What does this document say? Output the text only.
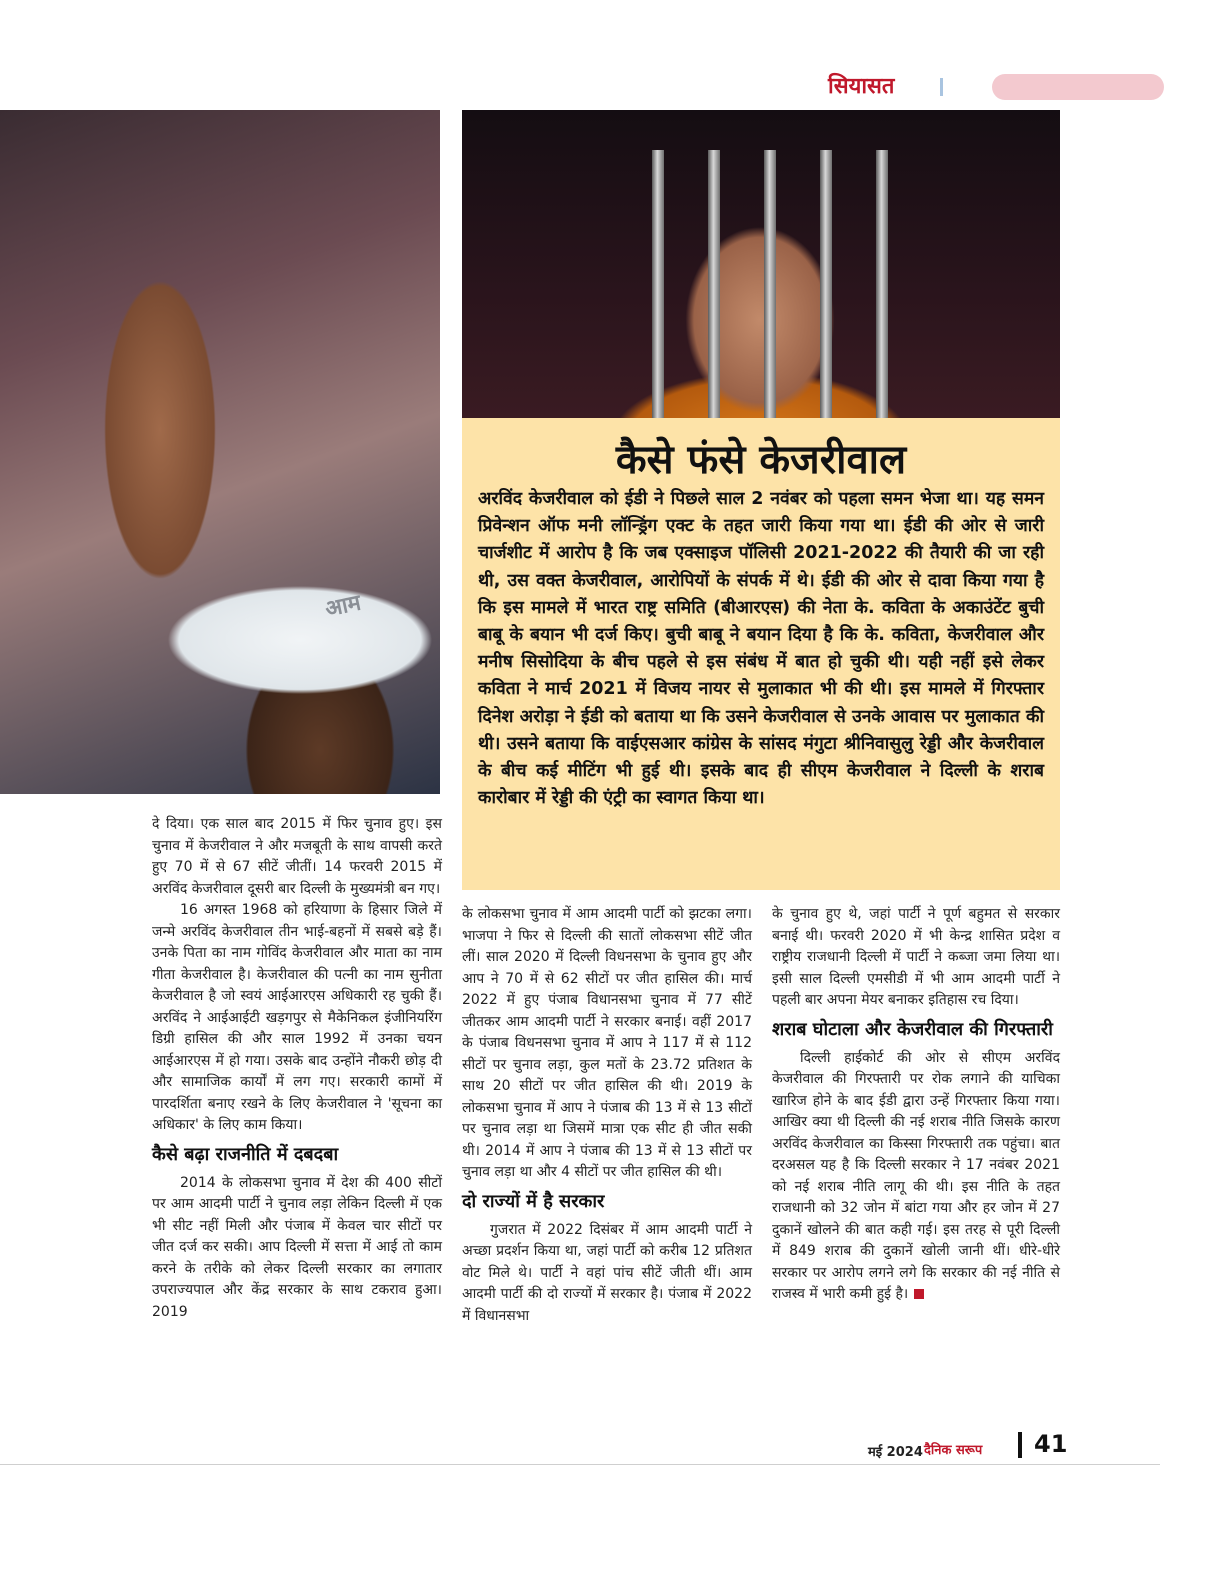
सियासत
आम
कैसे फंसे केजरीवाल
अरविंद केजरीवाल को ईडी ने पिछले साल 2 नवंबर को पहला समन भेजा था। यह समन प्रिवेन्शन ऑफ मनी लॉन्ड्रिंग एक्ट के तहत जारी किया गया था। ईडी की ओर से जारी चार्जशीट में आरोप है कि जब एक्साइज पॉलिसी 2021-2022 की तैयारी की जा रही थी, उस वक्त केजरीवाल, आरोपियों के संपर्क में थे। ईडी की ओर से दावा किया गया है कि इस मामले में भारत राष्ट्र समिति (बीआरएस) की नेता के. कविता के अकाउंटेंट बुची बाबू के बयान भी दर्ज किए। बुची बाबू ने बयान दिया है कि के. कविता, केजरीवाल और मनीष सिसोदिया के बीच पहले से इस संबंध में बात हो चुकी थी। यही नहीं इसे लेकर कविता ने मार्च 2021 में विजय नायर से मुलाकात भी की थी। इस मामले में गिरफ्तार दिनेश अरोड़ा ने ईडी को बताया था कि उसने केजरीवाल से उनके आवास पर मुलाकात की थी। उसने बताया कि वाईएसआर कांग्रेस के सांसद मंगुटा श्रीनिवासुलु रेड्डी और केजरीवाल के बीच कई मीटिंग भी हुई थी। इसके बाद ही सीएम केजरीवाल ने दिल्ली के शराब कारोबार में रेड्डी की एंट्री का स्वागत किया था।

दे दिया। एक साल बाद 2015 में फिर चुनाव हुए। इस चुनाव में केजरीवाल ने और मजबूती के साथ वापसी करते हुए 70 में से 67 सीटें जीतीं। 14 फरवरी 2015 में अरविंद केजरीवाल दूसरी बार दिल्ली के मुख्यमंत्री बन गए।

16 अगस्त 1968 को हरियाणा के हिसार जिले में जन्मे अरविंद केजरीवाल तीन भाई-बहनों में सबसे बड़े हैं। उनके पिता का नाम गोविंद केजरीवाल और माता का नाम गीता केजरीवाल है। केजरीवाल की पत्नी का नाम सुनीता केजरीवाल है जो स्वयं आईआरएस अधिकारी रह चुकी हैं। अरविंद ने आईआईटी खड़गपुर से मैकेनिकल इंजीनियरिंग डिग्री हासिल की और साल 1992 में उनका चयन आईआरएस में हो गया। उसके बाद उन्होंने नौकरी छोड़ दी और सामाजिक कार्यों में लग गए। सरकारी कामों में पारदर्शिता बनाए रखने के लिए केजरीवाल ने 'सूचना का अधिकार' के लिए काम किया।

कैसे बढ़ा राजनीति में दबदबा

2014 के लोकसभा चुनाव में देश की 400 सीटों पर आम आदमी पार्टी ने चुनाव लड़ा लेकिन दिल्ली में एक भी सीट नहीं मिली और पंजाब में केवल चार सीटों पर जीत दर्ज कर सकी। आप दिल्ली में सत्ता में आई तो काम करने के तरीके को लेकर दिल्ली सरकार का लगातार उपराज्यपाल और केंद्र सरकार के साथ टकराव हुआ। 2019

के लोकसभा चुनाव में आम आदमी पार्टी को झटका लगा। भाजपा ने फिर से दिल्ली की सातों लोकसभा सीटें जीत लीं। साल 2020 में दिल्ली विधनसभा के चुनाव हुए और आप ने 70 में से 62 सीटों पर जीत हासिल की। मार्च 2022 में हुए पंजाब विधानसभा चुनाव में 77 सीटें जीतकर आम आदमी पार्टी ने सरकार बनाई। वहीं 2017 के पंजाब विधनसभा चुनाव में आप ने 117 में से 112 सीटों पर चुनाव लड़ा, कुल मतों के 23.72 प्रतिशत के साथ 20 सीटों पर जीत हासिल की थी। 2019 के लोकसभा चुनाव में आप ने पंजाब की 13 में से 13 सीटों पर चुनाव लड़ा था जिसमें मात्रा एक सीट ही जीत सकी थी। 2014 में आप ने पंजाब की 13 में से 13 सीटों पर चुनाव लड़ा था और 4 सीटों पर जीत हासिल की थी।

दो राज्यों में है सरकार

गुजरात में 2022 दिसंबर में आम आदमी पार्टी ने अच्छा प्रदर्शन किया था, जहां पार्टी को करीब 12 प्रतिशत वोट मिले थे। पार्टी ने वहां पांच सीटें जीती थीं। आम आदमी पार्टी की दो राज्यों में सरकार है। पंजाब में 2022 में विधानसभा

के चुनाव हुए थे, जहां पार्टी ने पूर्ण बहुमत से सरकार बनाई थी। फरवरी 2020 में भी केन्द्र शासित प्रदेश व राष्ट्रीय राजधानी दिल्ली में पार्टी ने कब्जा जमा लिया था। इसी साल दिल्ली एमसीडी में भी आम आदमी पार्टी ने पहली बार अपना मेयर बनाकर इतिहास रच दिया।

शराब घोटाला और केजरीवाल की गिरफ्तारी

दिल्ली हाईकोर्ट की ओर से सीएम अरविंद केजरीवाल की गिरफ्तारी पर रोक लगाने की याचिका खारिज होने के बाद ईडी द्वारा उन्हें गिरफ्तार किया गया। आखिर क्या थी दिल्ली की नई शराब नीति जिसके कारण अरविंद केजरीवाल का किस्सा गिरफ्तारी तक पहुंचा। बात दरअसल यह है कि दिल्ली सरकार ने 17 नवंबर 2021 को नई शराब नीति लागू की थी। इस नीति के तहत राजधानी को 32 जोन में बांटा गया और हर जोन में 27 दुकानें खोलने की बात कही गई। इस तरह से पूरी दिल्ली में 849 शराब की दुकानें खोली जानी थीं। धीरे-धीरे सरकार पर आरोप लगने लगे कि सरकार की नई नीति से राजस्व में भारी कमी हुई है।

मई 2024 दैनिक सरूप 41
